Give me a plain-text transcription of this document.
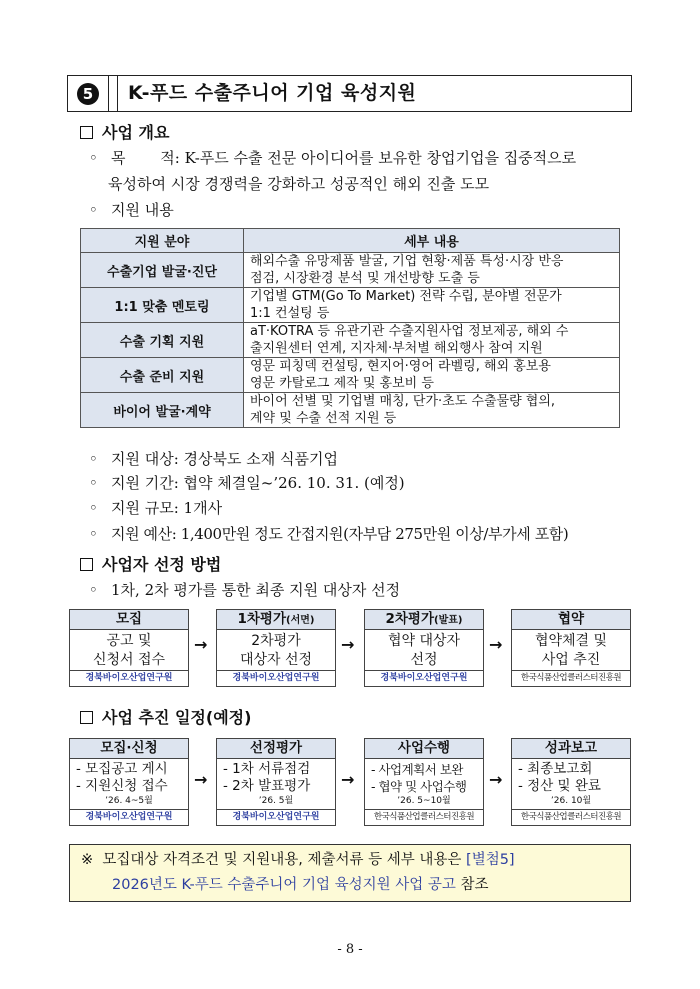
5	K-푸드 수출주니어 기업 육성지원
사업 개요
◦ 목　　 적: K-푸드 수출 전문 아이디어를 보유한 창업기업을 집중적으로
육성하여 시장 경쟁력을 강화하고 성공적인 해외 진출 도모
◦ 지원 내용
지원 분야	세부 내용
수출기업 발굴·진단	해외수출 유망제품 발굴, 기업 현황·제품 특성·시장 반응
점검, 시장환경 분석 및 개선방향 도출 등

1:1 맞춤 멘토링	기업별 GTM(Go To Market) 전략 수립, 분야별 전문가
1:1 컨설팅 등

수출 기획 지원	aT·KOTRA 등 유관기관 수출지원사업 정보제공, 해외 수
출지원센터 연계, 지자체·부처별 해외행사 참여 지원

수출 준비 지원	영문 피칭덱 컨설팅, 현지어·영어 라벨링, 해외 홍보용
영문 카탈로그 제작 및 홍보비 등

바이어 발굴·계약	바이어 선별 및 기업별 매칭, 단가·초도 수출물량 협의,
계약 및 수출 선적 지원 등
◦ 지원 대상: 경상북도 소재 식품기업
◦ 지원 기간: 협약 체결일~’26. 10. 31. (예정)
◦ 지원 규모: 1개사
◦ 지원 예산: 1,400만원 정도 간접지원(자부담 275만원 이상/부가세 포함)
사업자 선정 방법
◦ 1차, 2차 평가를 통한 최종 지원 대상자 선정
모집
공고 및
신청서 접수
경북바이오산업연구원
→
1차평가(서면)
2차평가
대상자 선정
경북바이오산업연구원
→
2차평가(발표)
협약 대상자
선정
경북바이오산업연구원
→
협약
협약체결 및
사업 추진
한국식품산업클러스터진흥원
사업 추진 일정(예정)
모집·신청
- 모집공고 게시
- 지원신청 접수
’26. 4~5월
경북바이오산업연구원
→
선정평가
- 1차 서류점검
- 2차 발표평가
’26. 5월
경북바이오산업연구원
→
사업수행
- 사업계획서 보완
- 협약 및 사업수행
’26. 5~10월
한국식품산업클러스터진흥원
→
성과보고
- 최종보고회
- 정산 및 완료
’26. 10월
한국식품산업클러스터진흥원
※ 모집대상 자격조건 및 지원내용, 제출서류 등 세부 내용은 [별첨5]
2026년도 K-푸드 수출주니어 기업 육성지원 사업 공고 참조
- 8 -
